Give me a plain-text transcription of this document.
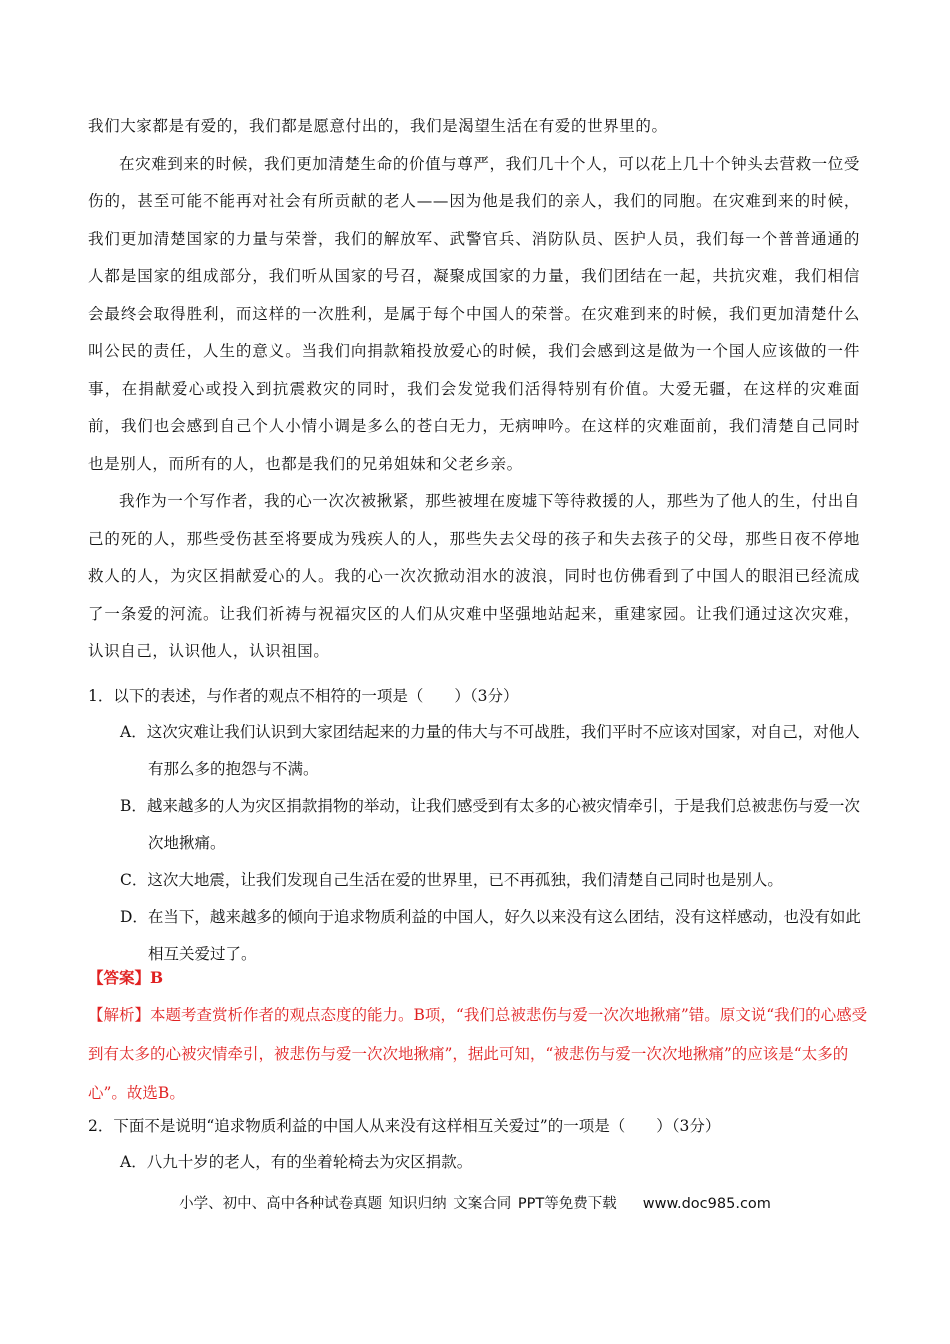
我们大家都是有爱的，我们都是愿意付出的，我们是渴望生活在有爱的世界里的。

在灾难到来的时候，我们更加清楚生命的价值与尊严，我们几十个人，可以花上几十个钟头去营救一位受伤的，甚至可能不能再对社会有所贡献的老人——因为他是我们的亲人，我们的同胞。在灾难到来的时候，我们更加清楚国家的力量与荣誉，我们的解放军、武警官兵、消防队员、医护人员，我们每一个普普通通的人都是国家的组成部分，我们听从国家的号召，凝聚成国家的力量，我们团结在一起，共抗灾难，我们相信会最终会取得胜利，而这样的一次胜利，是属于每个中国人的荣誉。在灾难到来的时候，我们更加清楚什么叫公民的责任，人生的意义。当我们向捐款箱投放爱心的时候，我们会感到这是做为一个国人应该做的一件事，在捐献爱心或投入到抗震救灾的同时，我们会发觉我们活得特别有价值。大爱无疆，在这样的灾难面前，我们也会感到自己个人小情小调是多么的苍白无力，无病呻吟。在这样的灾难面前，我们清楚自己同时也是别人，而所有的人，也都是我们的兄弟姐妹和父老乡亲。

我作为一个写作者，我的心一次次被揪紧，那些被埋在废墟下等待救援的人，那些为了他人的生，付出自己的死的人，那些受伤甚至将要成为残疾人的人，那些失去父母的孩子和失去孩子的父母，那些日夜不停地救人的人，为灾区捐献爱心的人。我的心一次次掀动泪水的波浪，同时也仿佛看到了中国人的眼泪已经流成了一条爱的河流。让我们祈祷与祝福灾区的人们从灾难中坚强地站起来，重建家园。让我们通过这次灾难，认识自己，认识他人，认识祖国。

1．以下的表述，与作者的观点不相符的一项是（　　）（3分）

A．这次灾难让我们认识到大家团结起来的力量的伟大与不可战胜，我们平时不应该对国家，对自己，对他人有那么多的抱怨与不满。

B．越来越多的人为灾区捐款捐物的举动，让我们感受到有太多的心被灾情牵引，于是我们总被悲伤与爱一次次地揪痛。

C．这次大地震，让我们发现自己生活在爱的世界里，已不再孤独，我们清楚自己同时也是别人。

D．在当下，越来越多的倾向于追求物质利益的中国人，好久以来没有这么团结，没有这样感动，也没有如此相互关爱过了。

【答案】B

【解析】本题考查赏析作者的观点态度的能力。B项，“我们总被悲伤与爱一次次地揪痛”错。原文说“我们的心感受到有太多的心被灾情牵引，被悲伤与爱一次次地揪痛”，据此可知，“被悲伤与爱一次次地揪痛”的应该是“太多的心”。故选B。

2．下面不是说明“追求物质利益的中国人从来没有这样相互关爱过”的一项是（　　）（3分）

A．八九十岁的老人，有的坐着轮椅去为灾区捐款。

小学、初中、高中各种试卷真题 知识归纳 文案合同 PPT等免费下载 www.doc985.com
